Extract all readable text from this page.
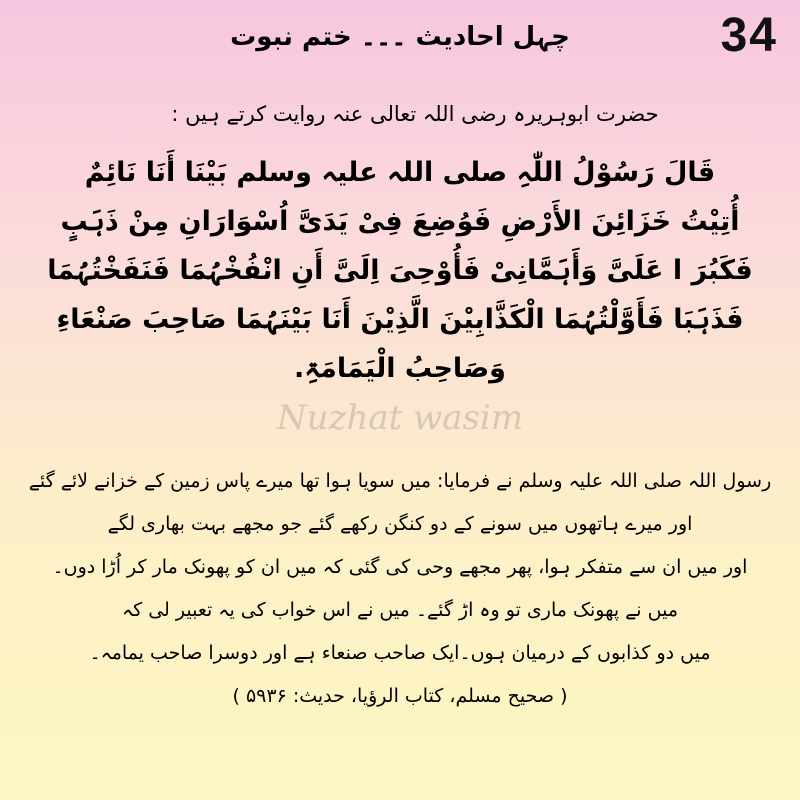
34
چہل احادیث ۔۔۔ ختم نبوت
حضرت ابوہریرہ رضی اللہ تعالی عنہ روایت کرتے ہیں :
قَالَ رَسُوْلُ اللّٰہِ صلی اللہ علیہ وسلم بَیْنَا أَنَا نَائِمٌ
أُتِیْتُ خَزَائِنَ الأَرْضِ فَوُضِعَ فِیْ یَدَیَّ اُسْوَارَانِ مِنْ ذَہَبٍ
فَکَبُرَ ا عَلَیَّ وَأَہَمَّانِیْ فَأُوْحِیَ اِلَیَّ أَنِ انْفُخْہُمَا فَنَفَخْتُہُمَا
فَذَہَبَا فَأَوَّلْتُہُمَا الْکَذَّابِیْنَ الَّذِیْنَ أَنَا بَیْنَہُمَا صَاحِبَ صَنْعَاءِ
وَصَاحِبُ الْیَمَامَۃِ.
Nuzhat wasim
رسول اللہ صلی اللہ علیہ وسلم نے فرمایا: میں سویا ہوا تھا میرے پاس زمین کے خزانے لائے گئے
اور میرے ہاتھوں میں سونے کے دو کنگن رکھے گئے جو مجھے بہت بھاری لگے
اور میں ان سے متفکر ہوا، پھر مجھے وحی کی گئی کہ میں ان کو پھونک مار کر اُڑا دوں۔
میں نے پھونک ماری تو وہ اڑ گئے۔ میں نے اس خواب کی یہ تعبیر لی کہ
میں دو کذابوں کے درمیان ہوں۔ایک صاحب صنعاء ہے اور دوسرا صاحب یمامہ۔
( صحیح مسلم، کتاب الرؤیا، حدیث: ۵۹۳۶ )
